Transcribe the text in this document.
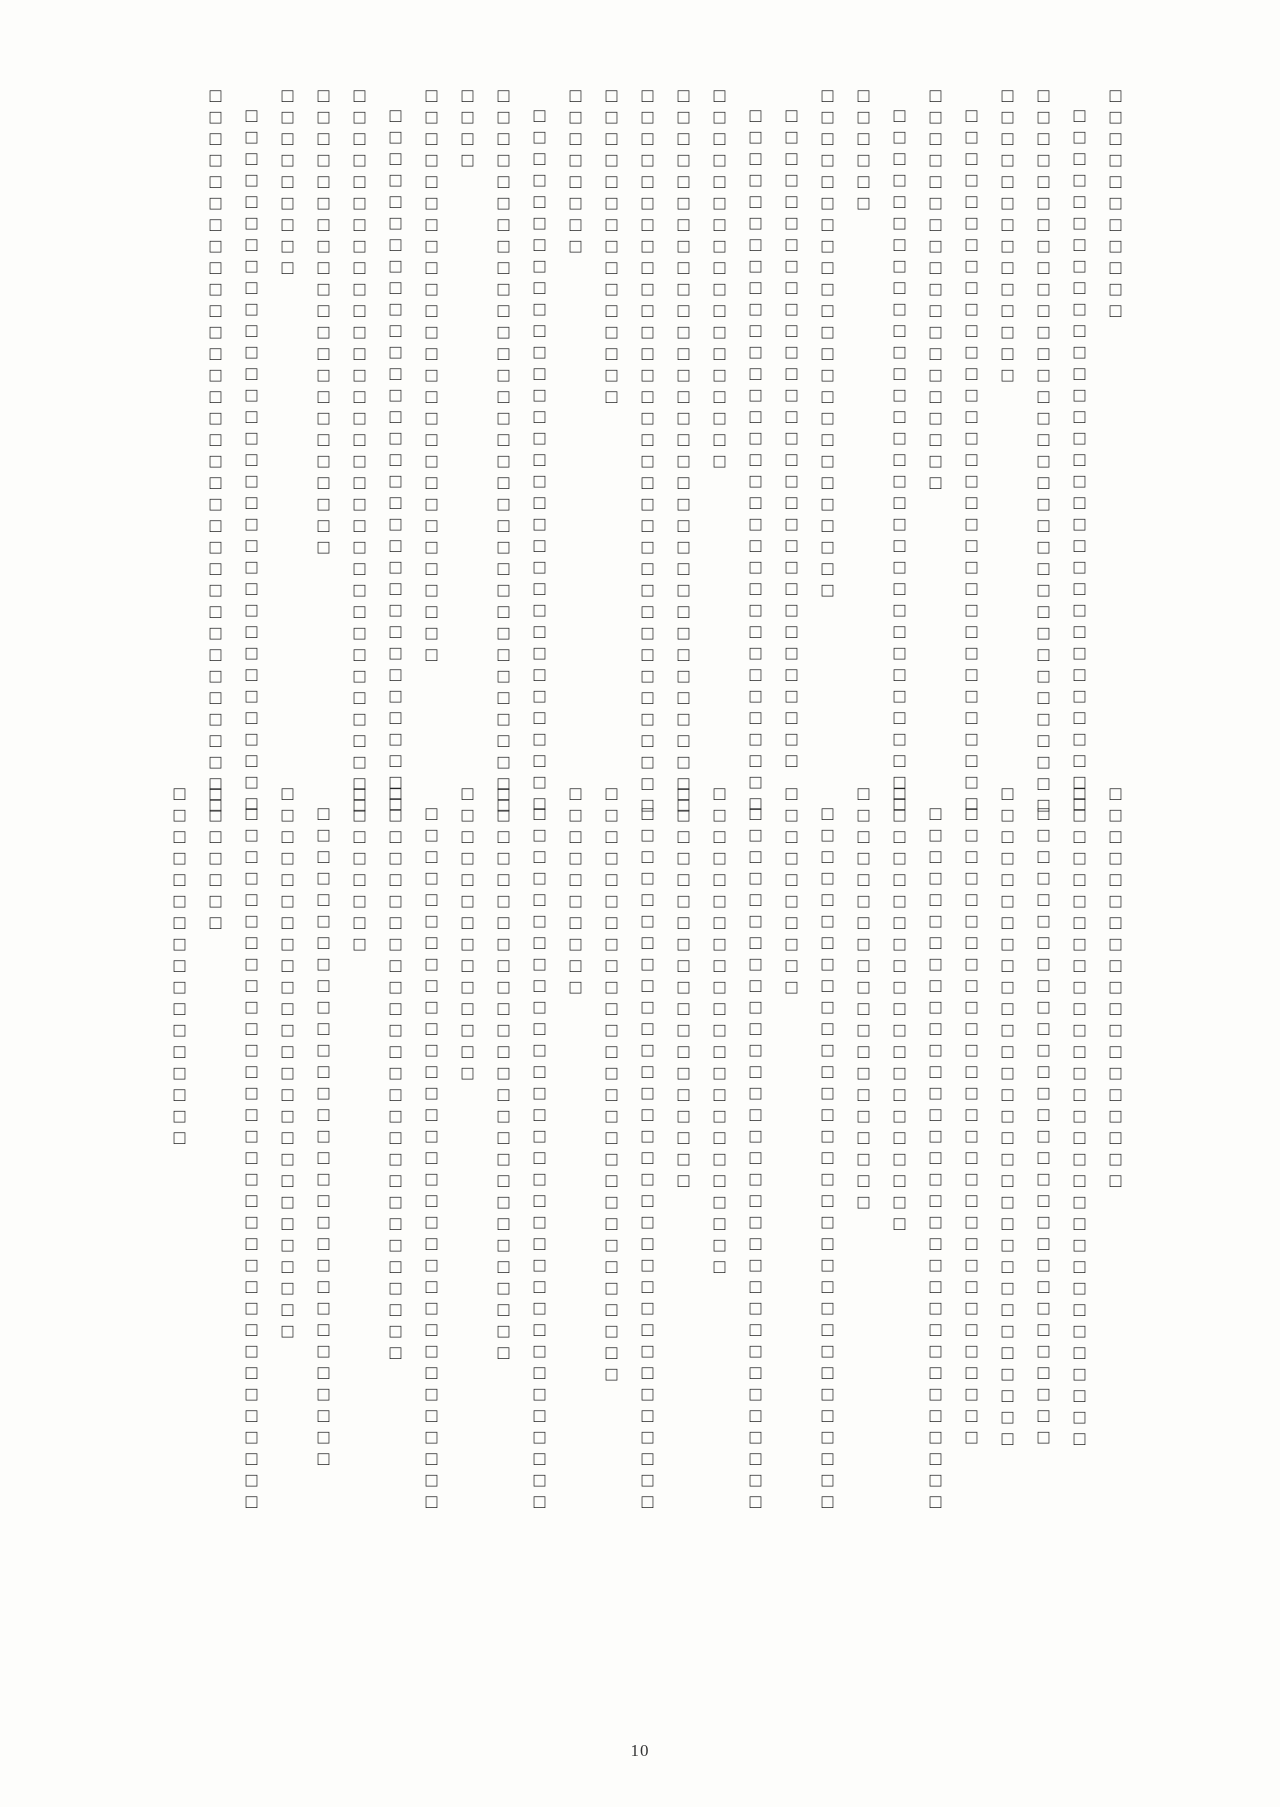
□□□□□□□□□□□

□□□□□□□□□□□□□□□□□□□□□□□□□□□□□□□□□

□□□□□□□□□□□□□□□□□□□□□□□□□□□□□□□□□□

□□□□□□□□□□□□□□

□□□□□□□□□□□□□□□□□□□□□□□□□□□□□□□□□

□□□□□□□□□□□□□□□□□□□

□□□□□□□□□□□□□□□□□□□□□□□□□□□□□□□□□

□□□□□□

□□□□□□□□□□□□□□□□□□□□□□□□

□□□□□□□□□□□□□□□□□□□□□□□□□□□□□□□

□□□□□□□□□□□□□□□□□□□□□□□□□□□□□□□□□

□□□□□□□□□□□□□□□□□□

□□□□□□□□□□□□□□□□□□□□□□□□□□□□□□□□□□

□□□□□□□□□□□□□□□□□□□□□□□□□□□□□□□□□□

□□□□□□□□□□□□□□□

□□□□□□□□

□□□□□□□□□□□□□□□□□□□□□□□□□□□□□□□□□

□□□□□□□□□□□□□□□□□□□□□□□□□□□□□□□□□□

□□□□

□□□□□□□□□□□□□□□□□□□□□□□□□□□

□□□□□□□□□□□□□□□□□□□□□□□□□□□□□□□□□

□□□□□□□□□□□□□□□□□□□□□□□□□□□□□□□□□□

□□□□□□□□□□□□□□□□□□□□□□

□□□□□□□□□

□□□□□□□□□□□□□□□□□□□□□□□□□□□□□□□□□

□□□□□□□□□□□□□□□□□□□□□□□□□□□□□□□□□□

□□□□□□□□□□□□□□□□□□□

□□□□□□□□□□□□□□□□□□□□□□□□□□□□□□□

□□□□□□□□□□□□□□□□□□□□□□□□□□□□□□

□□□□□□□□□□□□□□□□□□□□□□□□□□□□□□□

□□□□□□□□□□□□□□□□□□□□□□□□□□□□□□

□□□□□□□□□□□□□□□□□□□□□□□□□□□□□□□□□

□□□□□□□□□□□□□□□□□□□□□

□□□□□□□□□□□□□□□□□□□□

□□□□□□□□□□□□□□□□□□□□□□□□□□□□□□□□□

□□□□□□□□□□

□□□□□□□□□□□□□□□□□□□□□□□□□□□□□□□□□

□□□□□□□□□□□□□□□□□□□□□□□

□□□□□□□□□□□□□□□□□□□

□□□□□□□□□□□□□□□□□□□□□□□□□□□□□□□□□

□□□□□□□□□□□□□□□□□□□□□□□□□□□□

□□□□□□□□□□

□□□□□□□□□□□□□□□□□□□□□□□□□□□□□□□□□

□□□□□□□□□□□□□□□□□□□□□□□□□□□

□□□□□□□□□□□□□□

□□□□□□□□□□□□□□□□□□□□□□□□□□□□□□□□□

□□□□□□□□□□□□□□□□□□□□□□□□□□□

□□□□□□□□

□□□□□□□□□□□□□□□□□□□□□□□□□□□□□□□

□□□□□□□□□□□□□□□□□□□□□□□□□□

□□□□□□□□□□□□□□□□□□□□□□□□□□□□□□□□□

□□□□□□□

□□□□□□□□□□□□□□□□□

10
